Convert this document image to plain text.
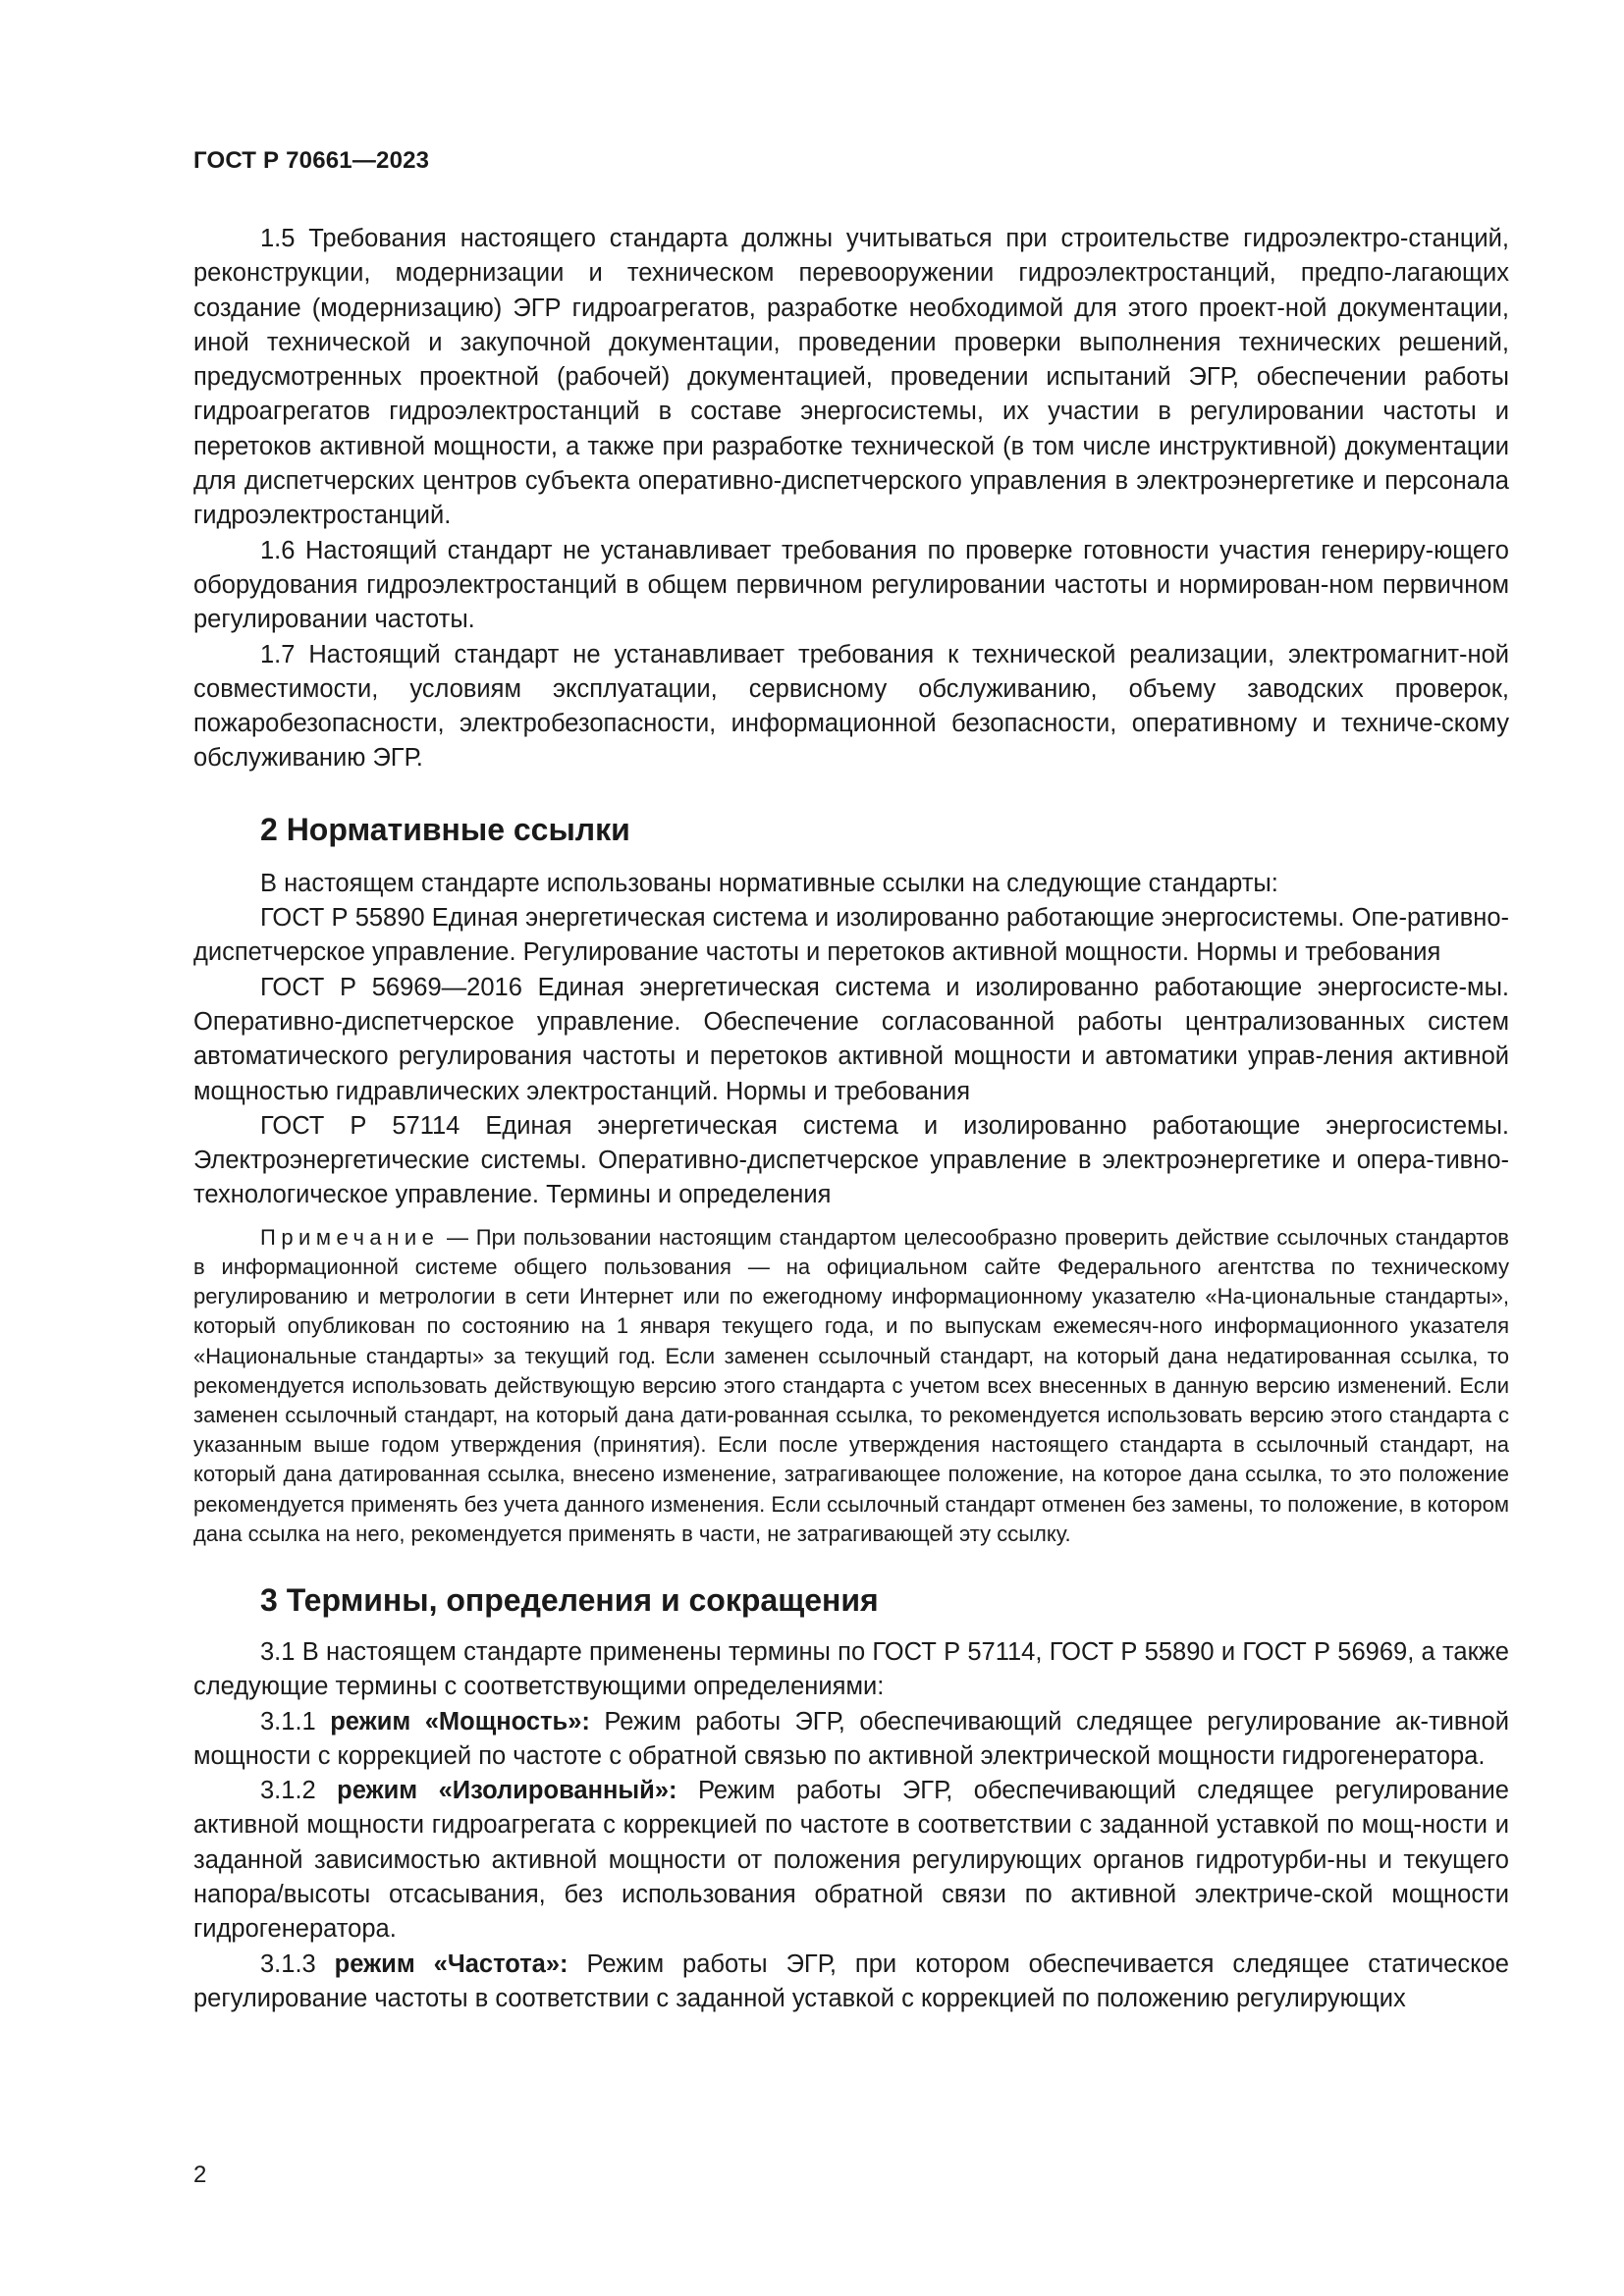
ГОСТ Р 70661—2023

1.5 Требования настоящего стандарта должны учитываться при строительстве гидроэлектро-станций, реконструкции, модернизации и техническом перевооружении гидроэлектростанций, предпо-лагающих создание (модернизацию) ЭГР гидроагрегатов, разработке необходимой для этого проект-ной документации, иной технической и закупочной документации, проведении проверки выполнения технических решений, предусмотренных проектной (рабочей) документацией, проведении испытаний ЭГР, обеспечении работы гидроагрегатов гидроэлектростанций в составе энергосистемы, их участии в регулировании частоты и перетоков активной мощности, а также при разработке технической (в том числе инструктивной) документации для диспетчерских центров субъекта оперативно-диспетчерского управления в электроэнергетике и персонала гидроэлектростанций.

1.6 Настоящий стандарт не устанавливает требования по проверке готовности участия генериру-ющего оборудования гидроэлектростанций в общем первичном регулировании частоты и нормирован-ном первичном регулировании частоты.

1.7 Настоящий стандарт не устанавливает требования к технической реализации, электромагнит-ной совместимости, условиям эксплуатации, сервисному обслуживанию, объему заводских проверок, пожаробезопасности, электробезопасности, информационной безопасности, оперативному и техниче-скому обслуживанию ЭГР.

2 Нормативные ссылки

В настоящем стандарте использованы нормативные ссылки на следующие стандарты:

ГОСТ Р 55890 Единая энергетическая система и изолированно работающие энергосистемы. Опе-ративно-диспетчерское управление. Регулирование частоты и перетоков активной мощности. Нормы и требования

ГОСТ Р 56969—2016 Единая энергетическая система и изолированно работающие энергосисте-мы. Оперативно-диспетчерское управление. Обеспечение согласованной работы централизованных систем автоматического регулирования частоты и перетоков активной мощности и автоматики управ-ления активной мощностью гидравлических электростанций. Нормы и требования

ГОСТ Р 57114 Единая энергетическая система и изолированно работающие энергосистемы. Электроэнергетические системы. Оперативно-диспетчерское управление в электроэнергетике и опера-тивно-технологическое управление. Термины и определения

Примечание — При пользовании настоящим стандартом целесообразно проверить действие ссылочных стандартов в информационной системе общего пользования — на официальном сайте Федерального агентства по техническому регулированию и метрологии в сети Интернет или по ежегодному информационному указателю «На-циональные стандарты», который опубликован по состоянию на 1 января текущего года, и по выпускам ежемесяч-ного информационного указателя «Национальные стандарты» за текущий год. Если заменен ссылочный стандарт, на который дана недатированная ссылка, то рекомендуется использовать действующую версию этого стандарта с учетом всех внесенных в данную версию изменений. Если заменен ссылочный стандарт, на который дана дати-рованная ссылка, то рекомендуется использовать версию этого стандарта с указанным выше годом утверждения (принятия). Если после утверждения настоящего стандарта в ссылочный стандарт, на который дана датированная ссылка, внесено изменение, затрагивающее положение, на которое дана ссылка, то это положение рекомендуется применять без учета данного изменения. Если ссылочный стандарт отменен без замены, то положение, в котором дана ссылка на него, рекомендуется применять в части, не затрагивающей эту ссылку.

3 Термины, определения и сокращения

3.1 В настоящем стандарте применены термины по ГОСТ Р 57114, ГОСТ Р 55890 и ГОСТ Р 56969, а также следующие термины с соответствующими определениями:

3.1.1 режим «Мощность»: Режим работы ЭГР, обеспечивающий следящее регулирование ак-тивной мощности с коррекцией по частоте с обратной связью по активной электрической мощности гидрогенератора.

3.1.2 режим «Изолированный»: Режим работы ЭГР, обеспечивающий следящее регулирование активной мощности гидроагрегата с коррекцией по частоте в соответствии с заданной уставкой по мощ-ности и заданной зависимостью активной мощности от положения регулирующих органов гидротурби-ны и текущего напора/высоты отсасывания, без использования обратной связи по активной электриче-ской мощности гидрогенератора.

3.1.3 режим «Частота»: Режим работы ЭГР, при котором обеспечивается следящее статическое регулирование частоты в соответствии с заданной уставкой с коррекцией по положению регулирующих

2
